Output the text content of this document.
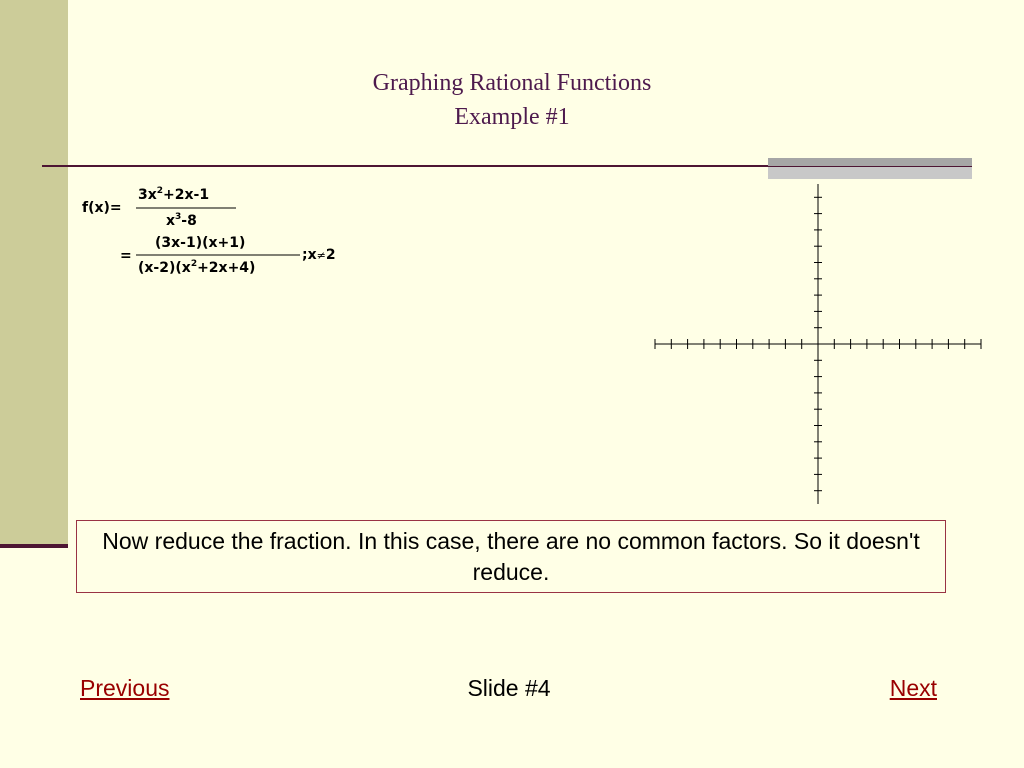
Graphing Rational Functions
Example #1
f(x)=
$3x^2+2x-1$
$x^3-8$
=
(3x-1)(x+1)
$(x-2)(x^2+2x+4)$
;x≠2
Now reduce the fraction. In this case, there are no common factors. So it doesn't reduce.
Previous	Slide #4	Next
